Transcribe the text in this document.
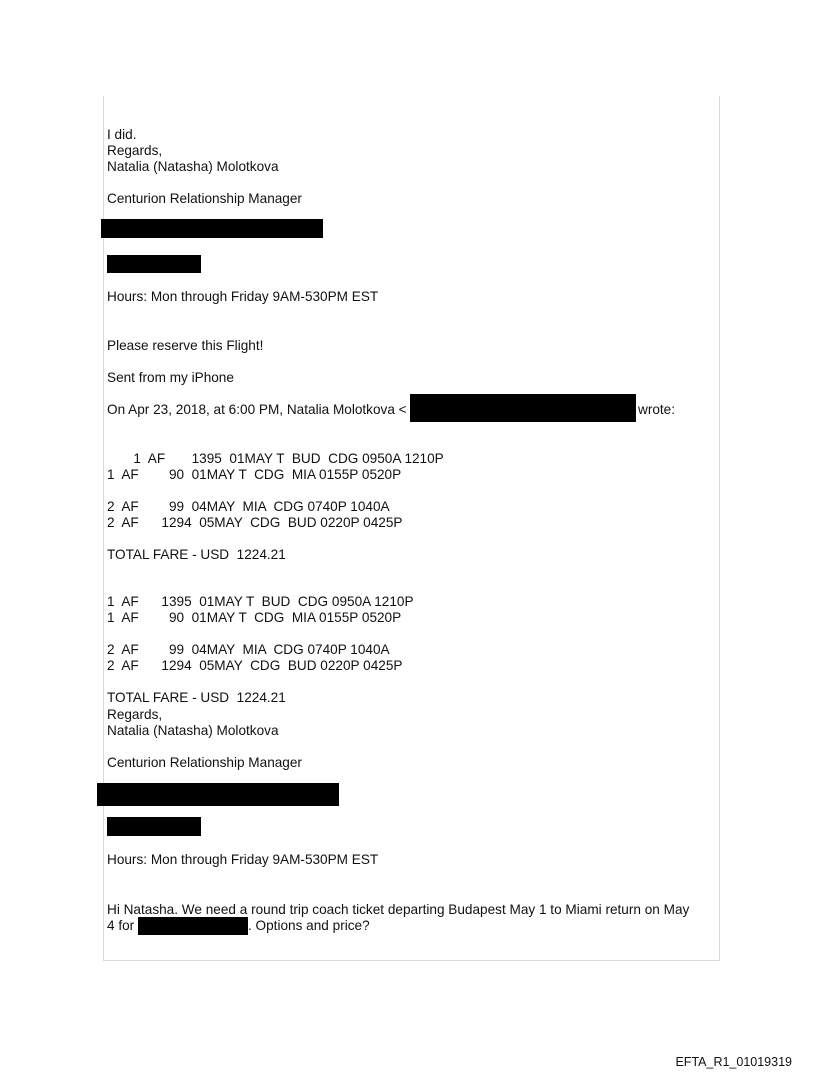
I did.
Regards,
Natalia (Natasha) Molotkova
Centurion Relationship Manager
Hours: Mon through Friday 9AM-530PM EST
Please reserve this Flight!
Sent from my iPhone
On Apr 23, 2018, at 6:00 PM, Natalia Molotkova <	wrote:
1  AF       1395  01MAY T  BUD  CDG 0950A 1210P
1  AF        90  01MAY T  CDG  MIA 0155P 0520P
2  AF        99  04MAY  MIA  CDG 0740P 1040A
2  AF      1294  05MAY  CDG  BUD 0220P 0425P
TOTAL FARE - USD  1224.21
1  AF      1395  01MAY T  BUD  CDG 0950A 1210P
1  AF        90  01MAY T  CDG  MIA 0155P 0520P
2  AF        99  04MAY  MIA  CDG 0740P 1040A
2  AF      1294  05MAY  CDG  BUD 0220P 0425P
TOTAL FARE - USD  1224.21
Regards,
Natalia (Natasha) Molotkova
Centurion Relationship Manager
Hours: Mon through Friday 9AM-530PM EST
Hi Natasha. We need a round trip coach ticket departing Budapest May 1 to Miami return on May
4 for	. Options and price?
EFTA_R1_01019319
